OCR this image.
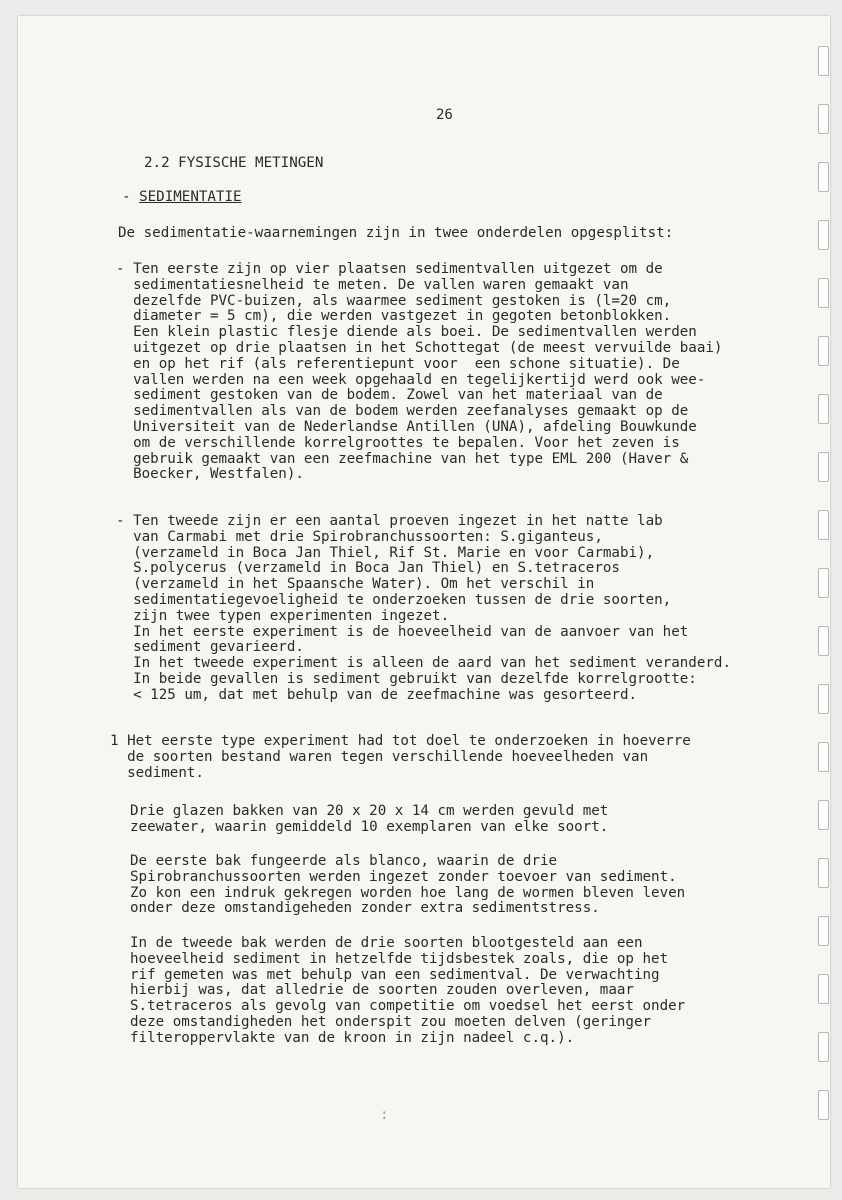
26
2.2 FYSISCHE METINGEN
- SEDIMENTATIE
De sedimentatie-waarnemingen zijn in twee onderdelen opgesplitst:
- Ten eerste zijn op vier plaatsen sedimentvallen uitgezet om de
sedimentatiesnelheid te meten. De vallen waren gemaakt van
dezelfde PVC-buizen, als waarmee sediment gestoken is (l=20 cm,
diameter = 5 cm), die werden vastgezet in gegoten betonblokken.
Een klein plastic flesje diende als boei. De sedimentvallen werden
uitgezet op drie plaatsen in het Schottegat (de meest vervuilde baai)
en op het rif (als referentiepunt voor  een schone situatie). De
vallen werden na een week opgehaald en tegelijkertijd werd ook wee-
sediment gestoken van de bodem. Zowel van het materiaal van de
sedimentvallen als van de bodem werden zeefanalyses gemaakt op de
Universiteit van de Nederlandse Antillen (UNA), afdeling Bouwkunde
om de verschillende korrelgroottes te bepalen. Voor het zeven is
gebruik gemaakt van een zeefmachine van het type EML 200 (Haver &
Boecker, Westfalen).
- Ten tweede zijn er een aantal proeven ingezet in het natte lab
van Carmabi met drie Spirobranchussoorten: S.giganteus,
(verzameld in Boca Jan Thiel, Rif St. Marie en voor Carmabi),
S.polycerus (verzameld in Boca Jan Thiel) en S.tetraceros
(verzameld in het Spaansche Water). Om het verschil in
sedimentatiegevoeligheid te onderzoeken tussen de drie soorten,
zijn twee typen experimenten ingezet.
In het eerste experiment is de hoeveelheid van de aanvoer van het
sediment gevarieerd.
In het tweede experiment is alleen de aard van het sediment veranderd.
In beide gevallen is sediment gebruikt van dezelfde korrelgrootte:
< 125 um, dat met behulp van de zeefmachine was gesorteerd.
1 Het eerste type experiment had tot doel te onderzoeken in hoeverre
de soorten bestand waren tegen verschillende hoeveelheden van
sediment.
Drie glazen bakken van 20 x 20 x 14 cm werden gevuld met
zeewater, waarin gemiddeld 10 exemplaren van elke soort.
De eerste bak fungeerde als blanco, waarin de drie
Spirobranchussoorten werden ingezet zonder toevoer van sediment.
Zo kon een indruk gekregen worden hoe lang de wormen bleven leven
onder deze omstandigeheden zonder extra sedimentstress.
In de tweede bak werden de drie soorten blootgesteld aan een
hoeveelheid sediment in hetzelfde tijdsbestek zoals, die op het
rif gemeten was met behulp van een sedimentval. De verwachting
hierbij was, dat alledrie de soorten zouden overleven, maar
S.tetraceros als gevolg van competitie om voedsel het eerst onder
deze omstandigheden het onderspit zou moeten delven (geringer
filteroppervlakte van de kroon in zijn nadeel c.q.).
:
